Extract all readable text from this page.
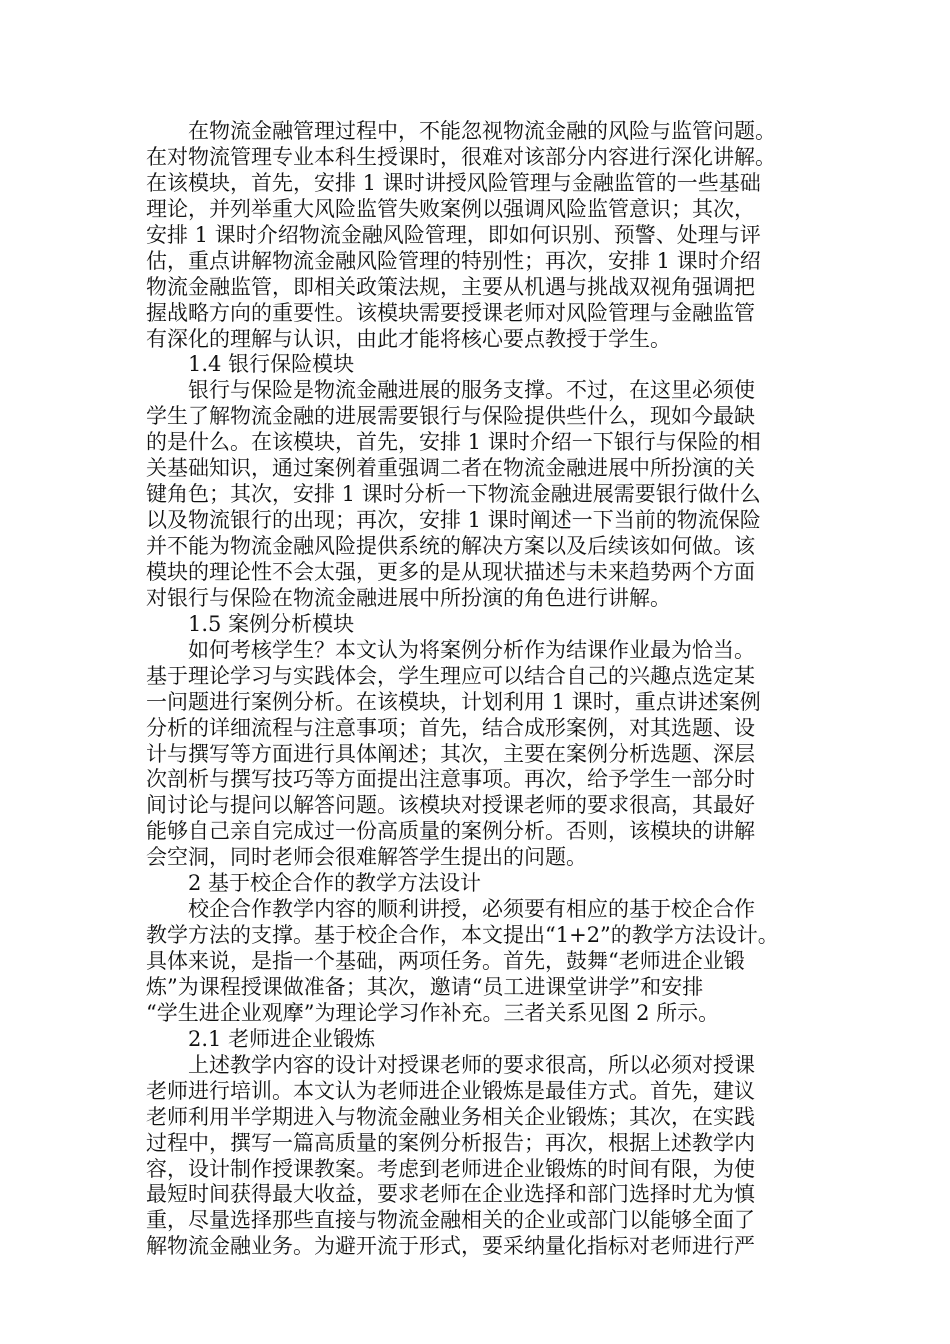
在物流金融管理过程中，不能忽视物流金融的风险与监管问题。
在对物流管理专业本科生授课时，很难对该部分内容进行深化讲解。
在该模块，首先，安排 1 课时讲授风险管理与金融监管的一些基础
理论，并列举重大风险监管失败案例以强调风险监管意识；其次，
安排 1 课时介绍物流金融风险管理，即如何识别、预警、处理与评
估，重点讲解物流金融风险管理的特别性；再次，安排 1 课时介绍
物流金融监管，即相关政策法规，主要从机遇与挑战双视角强调把
握战略方向的重要性。该模块需要授课老师对风险管理与金融监管
有深化的理解与认识，由此才能将核心要点教授于学生。
1.4 银行保险模块
银行与保险是物流金融进展的服务支撑。不过，在这里必须使
学生了解物流金融的进展需要银行与保险提供些什么，现如今最缺
的是什么。在该模块，首先，安排 1 课时介绍一下银行与保险的相
关基础知识，通过案例着重强调二者在物流金融进展中所扮演的关
键角色；其次，安排 1 课时分析一下物流金融进展需要银行做什么
以及物流银行的出现；再次，安排 1 课时阐述一下当前的物流保险
并不能为物流金融风险提供系统的解决方案以及后续该如何做。该
模块的理论性不会太强，更多的是从现状描述与未来趋势两个方面
对银行与保险在物流金融进展中所扮演的角色进行讲解。
1.5 案例分析模块
如何考核学生？本文认为将案例分析作为结课作业最为恰当。
基于理论学习与实践体会，学生理应可以结合自己的兴趣点选定某
一问题进行案例分析。在该模块，计划利用 1 课时，重点讲述案例
分析的详细流程与注意事项；首先，结合成形案例，对其选题、设
计与撰写等方面进行具体阐述；其次，主要在案例分析选题、深层
次剖析与撰写技巧等方面提出注意事项。再次，给予学生一部分时
间讨论与提问以解答问题。该模块对授课老师的要求很高，其最好
能够自己亲自完成过一份高质量的案例分析。否则，该模块的讲解
会空洞，同时老师会很难解答学生提出的问题。
2 基于校企合作的教学方法设计
校企合作教学内容的顺利讲授，必须要有相应的基于校企合作
教学方法的支撑。基于校企合作，本文提出“1+2”的教学方法设计。
具体来说，是指一个基础，两项任务。首先，鼓舞“老师进企业锻
炼”为课程授课做准备；其次，邀请“员工进课堂讲学”和安排
“学生进企业观摩”为理论学习作补充。三者关系见图 2 所示。
2.1 老师进企业锻炼
上述教学内容的设计对授课老师的要求很高，所以必须对授课
老师进行培训。本文认为老师进企业锻炼是最佳方式。首先，建议
老师利用半学期进入与物流金融业务相关企业锻炼；其次，在实践
过程中，撰写一篇高质量的案例分析报告；再次，根据上述教学内
容，设计制作授课教案。考虑到老师进企业锻炼的时间有限，为使
最短时间获得最大收益，要求老师在企业选择和部门选择时尤为慎
重，尽量选择那些直接与物流金融相关的企业或部门以能够全面了
解物流金融业务。为避开流于形式，要采纳量化指标对老师进行严
